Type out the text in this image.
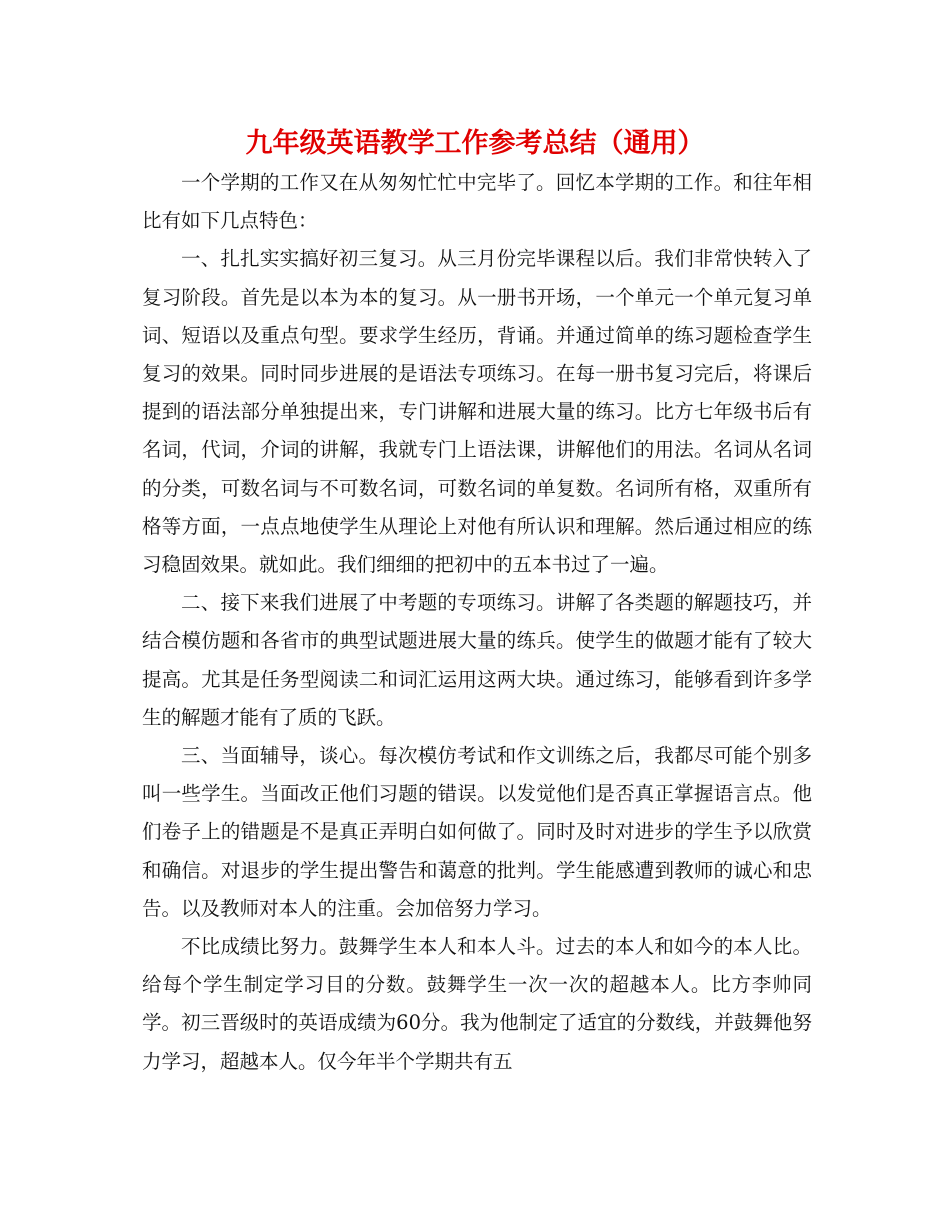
九年级英语教学工作参考总结（通用）

一个学期的工作又在从匆匆忙忙中完毕了。回忆本学期的工作。和往年相比有如下几点特色：

一、扎扎实实搞好初三复习。从三月份完毕课程以后。我们非常快转入了复习阶段。首先是以本为本的复习。从一册书开场，一个单元一个单元复习单词、短语以及重点句型。要求学生经历，背诵。并通过简单的练习题检查学生复习的效果。同时同步进展的是语法专项练习。在每一册书复习完后，将课后提到的语法部分单独提出来，专门讲解和进展大量的练习。比方七年级书后有名词，代词，介词的讲解，我就专门上语法课，讲解他们的用法。名词从名词的分类，可数名词与不可数名词，可数名词的单复数。名词所有格，双重所有格等方面，一点点地使学生从理论上对他有所认识和理解。然后通过相应的练习稳固效果。就如此。我们细细的把初中的五本书过了一遍。

二、接下来我们进展了中考题的专项练习。讲解了各类题的解题技巧，并结合模仿题和各省市的典型试题进展大量的练兵。使学生的做题才能有了较大提高。尤其是任务型阅读二和词汇运用这两大块。通过练习，能够看到许多学生的解题才能有了质的飞跃。

三、当面辅导，谈心。每次模仿考试和作文训练之后，我都尽可能个别多叫一些学生。当面改正他们习题的错误。以发觉他们是否真正掌握语言点。他们卷子上的错题是不是真正弄明白如何做了。同时及时对进步的学生予以欣赏和确信。对退步的学生提出警告和蔼意的批判。学生能感遭到教师的诚心和忠告。以及教师对本人的注重。会加倍努力学习。

不比成绩比努力。鼓舞学生本人和本人斗。过去的本人和如今的本人比。给每个学生制定学习目的分数。鼓舞学生一次一次的超越本人。比方李帅同学。初三晋级时的英语成绩为60分。我为他制定了适宜的分数线，并鼓舞他努力学习，超越本人。仅今年半个学期共有五
